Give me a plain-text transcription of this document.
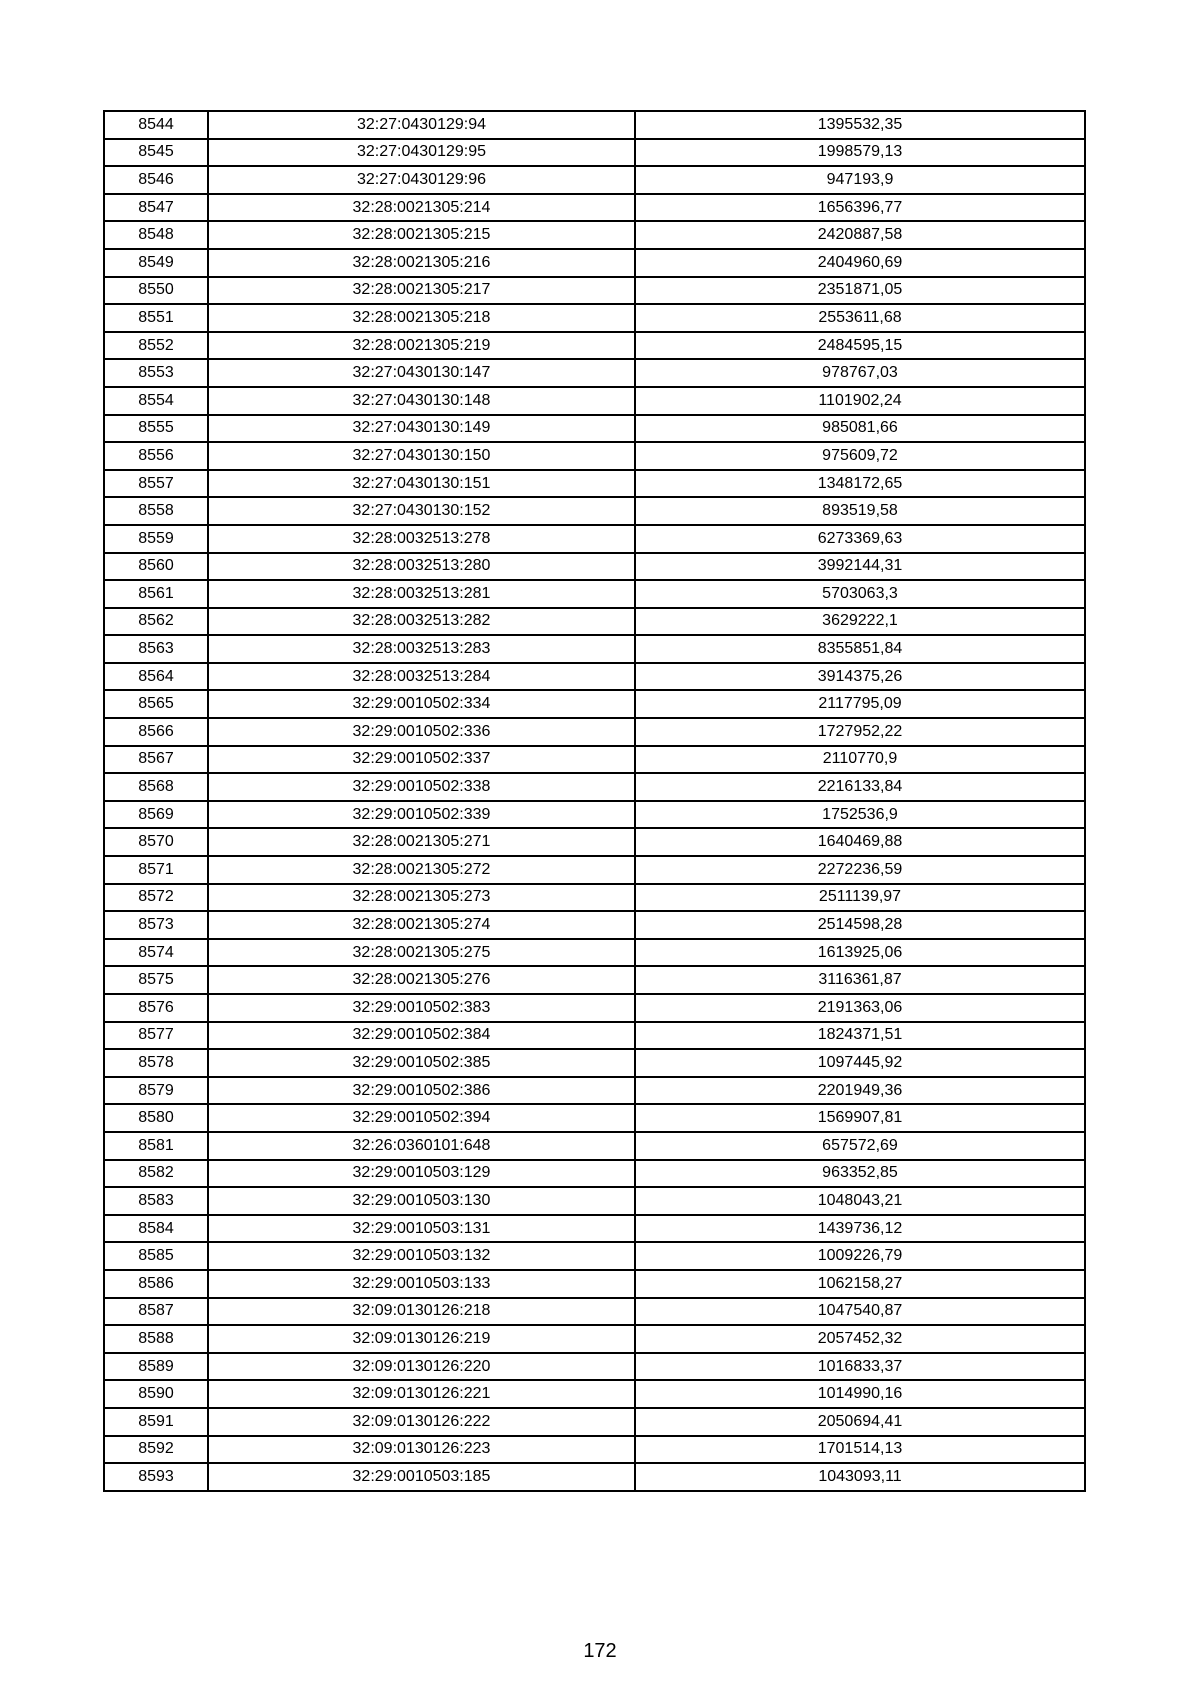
8544	32:27:0430129:94	1395532,35
8545	32:27:0430129:95	1998579,13
8546	32:27:0430129:96	947193,9
8547	32:28:0021305:214	1656396,77
8548	32:28:0021305:215	2420887,58
8549	32:28:0021305:216	2404960,69
8550	32:28:0021305:217	2351871,05
8551	32:28:0021305:218	2553611,68
8552	32:28:0021305:219	2484595,15
8553	32:27:0430130:147	978767,03
8554	32:27:0430130:148	1101902,24
8555	32:27:0430130:149	985081,66
8556	32:27:0430130:150	975609,72
8557	32:27:0430130:151	1348172,65
8558	32:27:0430130:152	893519,58
8559	32:28:0032513:278	6273369,63
8560	32:28:0032513:280	3992144,31
8561	32:28:0032513:281	5703063,3
8562	32:28:0032513:282	3629222,1
8563	32:28:0032513:283	8355851,84
8564	32:28:0032513:284	3914375,26
8565	32:29:0010502:334	2117795,09
8566	32:29:0010502:336	1727952,22
8567	32:29:0010502:337	2110770,9
8568	32:29:0010502:338	2216133,84
8569	32:29:0010502:339	1752536,9
8570	32:28:0021305:271	1640469,88
8571	32:28:0021305:272	2272236,59
8572	32:28:0021305:273	2511139,97
8573	32:28:0021305:274	2514598,28
8574	32:28:0021305:275	1613925,06
8575	32:28:0021305:276	3116361,87
8576	32:29:0010502:383	2191363,06
8577	32:29:0010502:384	1824371,51
8578	32:29:0010502:385	1097445,92
8579	32:29:0010502:386	2201949,36
8580	32:29:0010502:394	1569907,81
8581	32:26:0360101:648	657572,69
8582	32:29:0010503:129	963352,85
8583	32:29:0010503:130	1048043,21
8584	32:29:0010503:131	1439736,12
8585	32:29:0010503:132	1009226,79
8586	32:29:0010503:133	1062158,27
8587	32:09:0130126:218	1047540,87
8588	32:09:0130126:219	2057452,32
8589	32:09:0130126:220	1016833,37
8590	32:09:0130126:221	1014990,16
8591	32:09:0130126:222	2050694,41
8592	32:09:0130126:223	1701514,13
8593	32:29:0010503:185	1043093,11
172
